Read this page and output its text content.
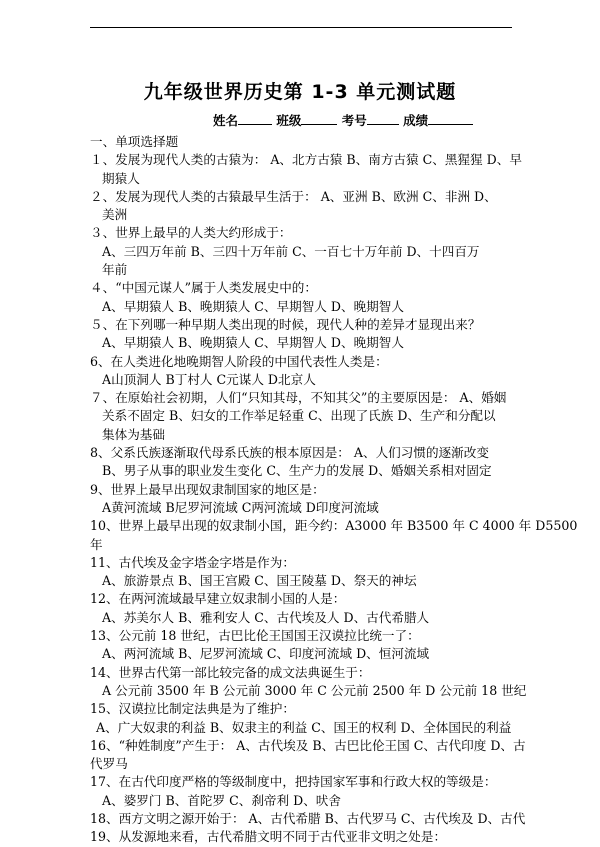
九年级世界历史第 1-3 单元测试题
姓名	班级	考号	成绩
一、单项选择题
１、发展为现代人类的古猿为： A、北方古猿 B、南方古猿 C、黑猩猩 D、早
期猿人
２、发展为现代人类的古猿最早生活于： A、亚洲 B、欧洲 C、非洲 D、
美洲
３、世界上最早的人类大约形成于：
A、三四万年前 B、三四十万年前 C、一百七十万年前 D、十四百万
年前
４、“中国元谋人”属于人类发展史中的：
A、早期猿人 B、晚期猿人 C、早期智人 D、晚期智人
５、在下列哪一种早期人类出现的时候，现代人种的差异才显现出来？
A、早期猿人 B、晚期猿人 C、早期智人 D、晚期智人
6、在人类进化地晚期智人阶段的中国代表性人类是：
A山顶洞人 B丁村人 C元谋人 D北京人
７、在原始社会初期，人们“只知其母，不知其父”的主要原因是： A、婚姻
关系不固定 B、妇女的工作举足轻重 C、出现了氏族 D、生产和分配以
集体为基础
8、父系氏族逐渐取代母系氏族的根本原因是： A、人们习惯的逐渐改变
B、男子从事的职业发生变化 C、生产力的发展 D、婚姻关系相对固定
9、世界上最早出现奴隶制国家的地区是：
A黄河流域 B尼罗河流域 C两河流域 D印度河流域
10、世界上最早出现的奴隶制小国，距今约：A3000 年 B3500 年 C 4000 年 D5500
年
11、古代埃及金字塔金字塔是作为：
A、旅游景点 B、国王宫殿 C、国王陵墓 D、祭天的神坛
12、在两河流域最早建立奴隶制小国的人是：
A、苏美尔人 B、雅利安人 C、古代埃及人 D、古代希腊人
13、公元前 18 世纪，古巴比伦王国国王汉谟拉比统一了：
A、两河流域 B、尼罗河流域 C、印度河流域 D、恒河流域
14、世界古代第一部比较完备的成文法典诞生于：
A 公元前 3500 年 B 公元前 3000 年 C 公元前 2500 年 D 公元前 18 世纪
15、汉谟拉比制定法典是为了维护：
A、广大奴隶的利益 B、奴隶主的利益 C、国王的权利 D、全体国民的利益
16、“种姓制度”产生于： A、古代埃及 B、古巴比伦王国 C、古代印度 D、古
代罗马
17、在古代印度严格的等级制度中，把持国家军事和行政大权的等级是：
A、婆罗门 B、首陀罗 C、刹帝利 D、吠舍
18、西方文明之源开始于： A、古代希腊 B、古代罗马 C、古代埃及 D、古代
19、从发源地来看，古代希腊文明不同于古代亚非文明之处是：
